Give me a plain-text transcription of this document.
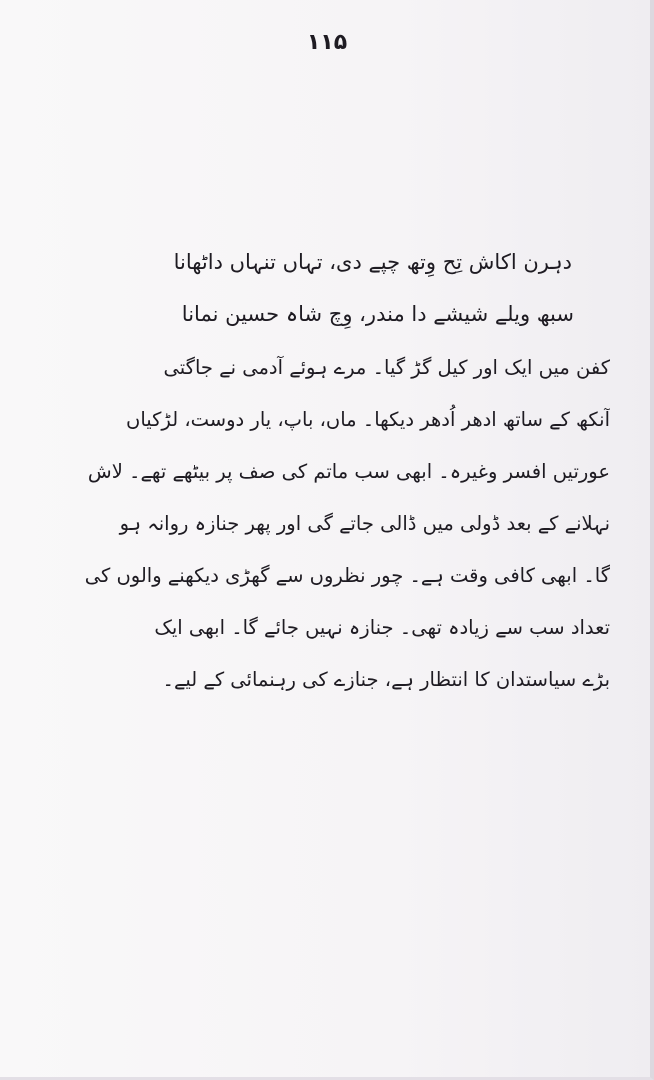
۱۱۵
دہرن اکاش تِح وِتھ چپے دی، تہاں تنہاں داٹھانا
سبھ ویلے شیشے دا مندر، وِچ شاہ حسین نمانا
کفن میں ایک اور کیل گڑ گیا۔ مرے ہوئے آدمی نے جاگتی
آنکھ کے ساتھ ادھر اُدھر دیکھا۔ ماں، باپ، یار دوست، لڑکیاں
عورتیں افسر وغیرہ۔ ابھی سب ماتم کی صف پر بیٹھے تھے۔ لاش
نہلانے کے بعد ڈولی میں ڈالی جاتے گی اور پھر جنازہ روانہ ہو
گا۔ ابھی کافی وقت ہے۔ چور نظروں سے گھڑی دیکھنے والوں کی
تعداد سب سے زیادہ تھی۔ جنازہ نہیں جائے گا۔ ابھی ایک
بڑے سیاستدان کا انتظار ہے، جنازے کی رہنمائی کے لیے۔
